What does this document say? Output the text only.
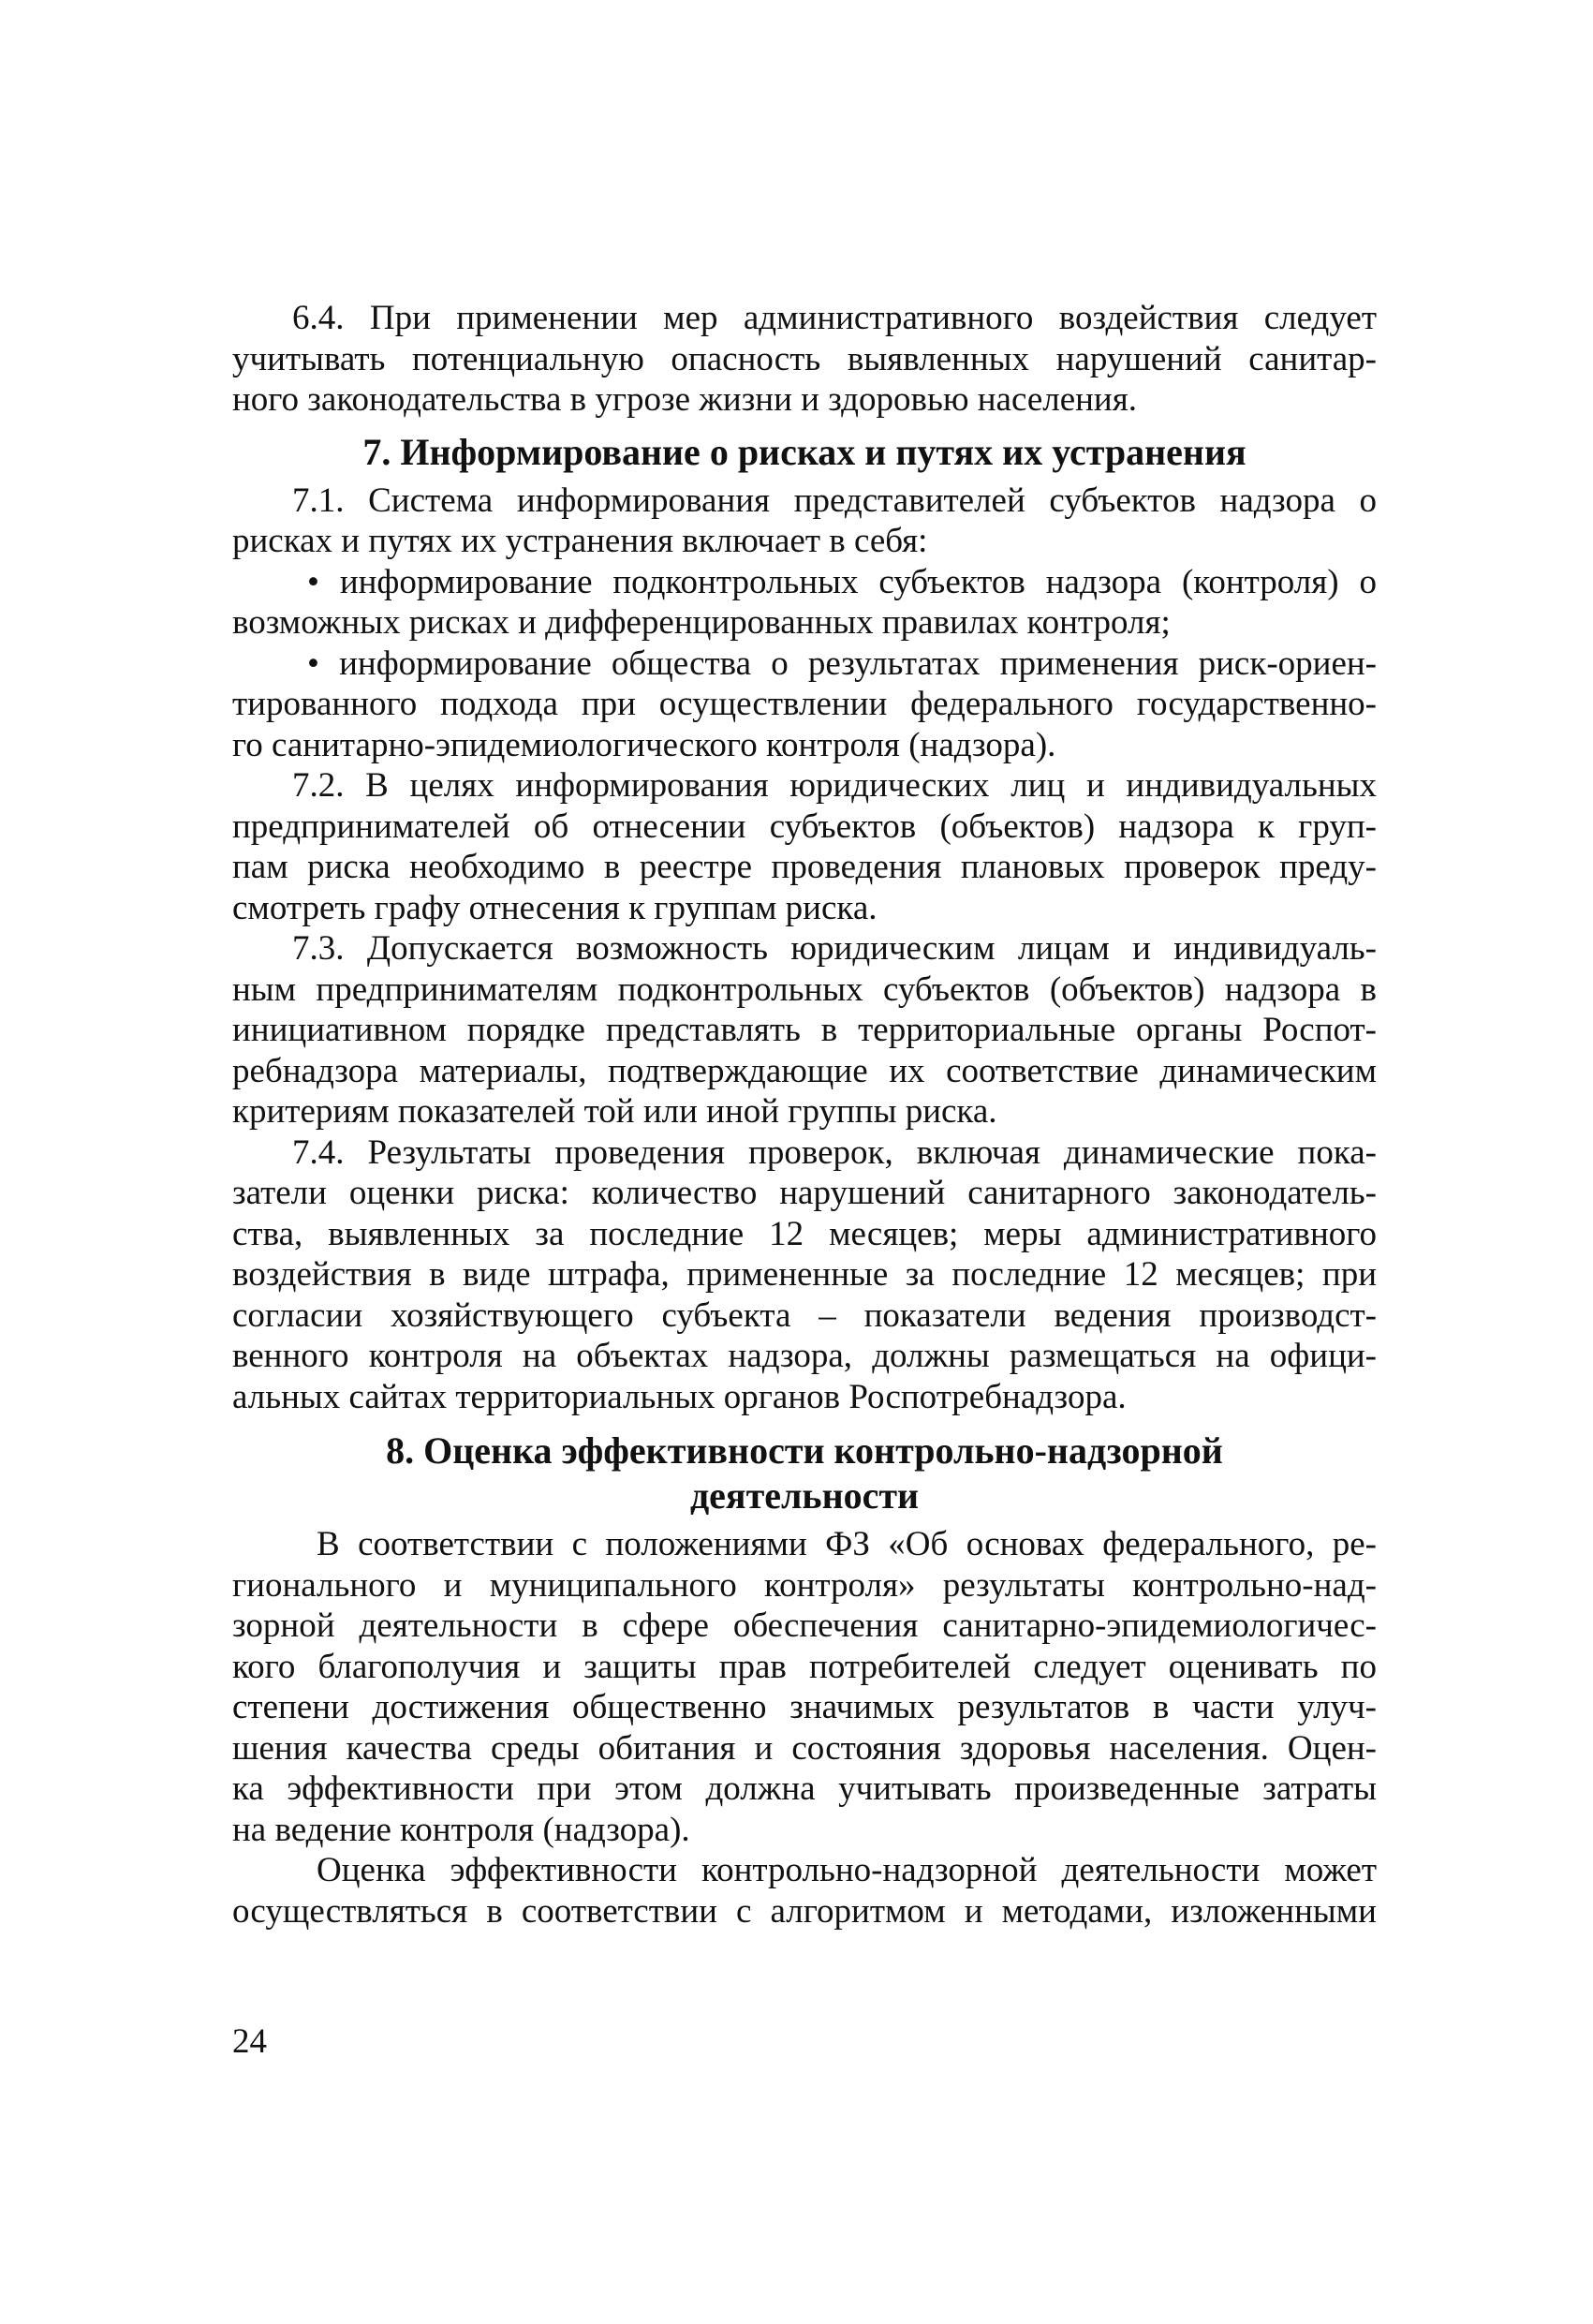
6.4. При применении мер административного воздействия следует
учитывать потенциальную опасность выявленных нарушений санитар-
ного законодательства в угрозе жизни и здоровью населения.
7. Информирование о рисках и путях их устранения
7.1. Система информирования представителей субъектов надзора о
рисках и путях их устранения включает в себя:
• информирование подконтрольных субъектов надзора (контроля) о
возможных рисках и дифференцированных правилах контроля;
• информирование общества о результатах применения риск-ориен-
тированного подхода при осуществлении федерального государственно-
го санитарно-эпидемиологического контроля (надзора).
7.2. В целях информирования юридических лиц и индивидуальных
предпринимателей об отнесении субъектов (объектов) надзора к груп-
пам риска необходимо в реестре проведения плановых проверок преду-
смотреть графу отнесения к группам риска.
7.3. Допускается возможность юридическим лицам и индивидуаль-
ным предпринимателям подконтрольных субъектов (объектов) надзора в
инициативном порядке представлять в территориальные органы Роспот-
ребнадзора материалы, подтверждающие их соответствие динамическим
критериям показателей той или иной группы риска.
7.4. Результаты проведения проверок, включая динамические пока-
затели оценки риска: количество нарушений санитарного законодатель-
ства, выявленных за последние 12 месяцев; меры административного
воздействия в виде штрафа, примененные за последние 12 месяцев; при
согласии хозяйствующего субъекта – показатели ведения производст-
венного контроля на объектах надзора, должны размещаться на офици-
альных сайтах территориальных органов Роспотребнадзора.
8. Оценка эффективности контрольно-надзорной
деятельности
В соответствии с положениями ФЗ «Об основах федерального, ре-
гионального и муниципального контроля» результаты контрольно-над-
зорной деятельности в сфере обеспечения санитарно-эпидемиологичес-
кого благополучия и защиты прав потребителей следует оценивать по
степени достижения общественно значимых результатов в части улуч-
шения качества среды обитания и состояния здоровья населения. Оцен-
ка эффективности при этом должна учитывать произведенные затраты
на ведение контроля (надзора).
Оценка эффективности контрольно-надзорной деятельности может
осуществляться в соответствии с алгоритмом и методами, изложенными
24
